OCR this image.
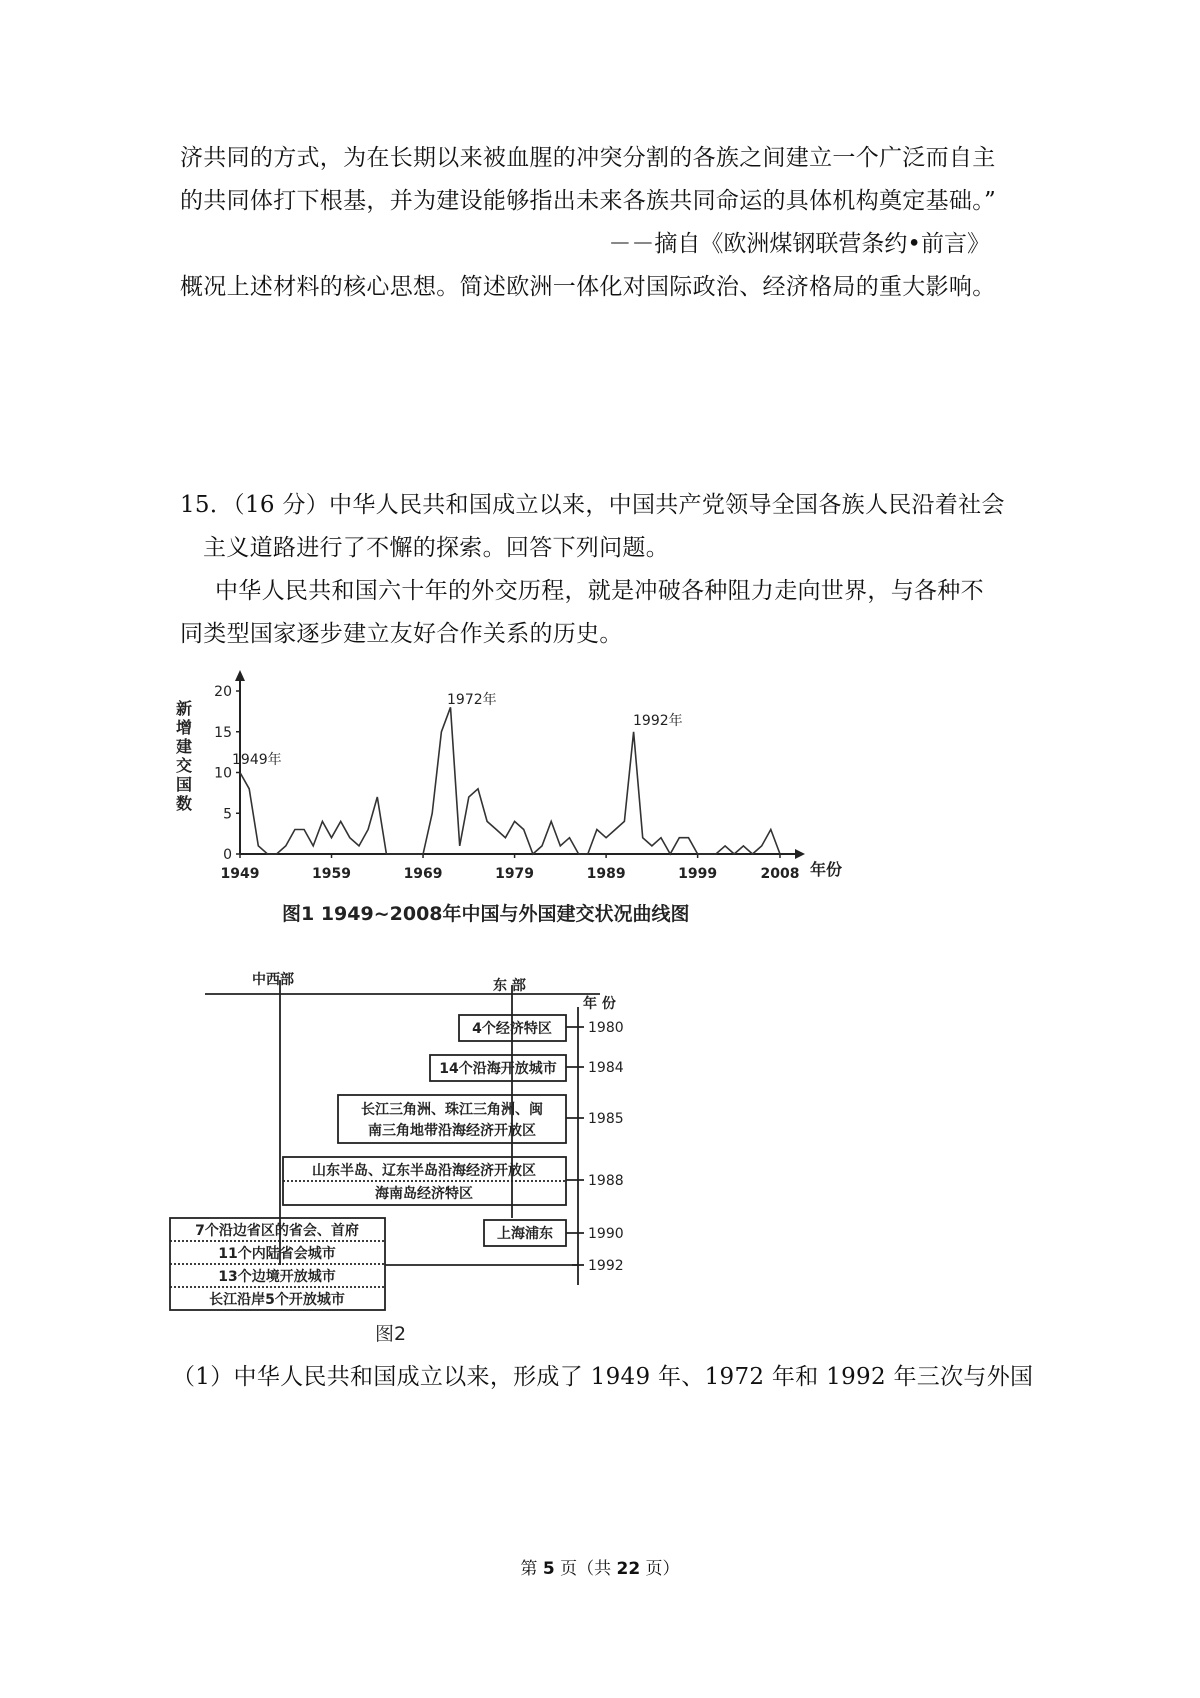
济共同的方式，为在长期以来被血腥的冲突分割的各族之间建立一个广泛而自主
的共同体打下根基，并为建设能够指出未来各族共同命运的具体机构奠定基础。”
－－摘自《欧洲煤钢联营条约•前言》
概况上述材料的核心思想。简述欧洲一体化对国际政治、经济格局的重大影响。
15．（16 分）中华人民共和国成立以来，中国共产党领导全国各族人民沿着社会
主义道路进行了不懈的探索。回答下列问题。
中华人民共和国六十年的外交历程，就是冲破各种阻力走向世界，与各种不
同类型国家逐步建立友好合作关系的历史。
0
5
10
15
20
1949	1959	1969	1979	1989	1999	2008
1949年
1972年
1992年
年份
新增建交国数
图1 1949~2008年中国与外国建交状况曲线图
中西部	东 部
年 份
4个经济特区
14个沿海开放城市
长江三角洲、珠江三角洲、闽
南三角地带沿海经济开放区
山东半岛、辽东半岛沿海经济开放区
海南岛经济特区
上海浦东
7个沿边省区的省会、首府
11个内陆省会城市
13个边境开放城市
长江沿岸5个开放城市
1980
1984
1985
1988
1990
1992
图2
（1）中华人民共和国成立以来，形成了 1949 年、1972 年和 1992 年三次与外国
第 5 页（共 22 页）
